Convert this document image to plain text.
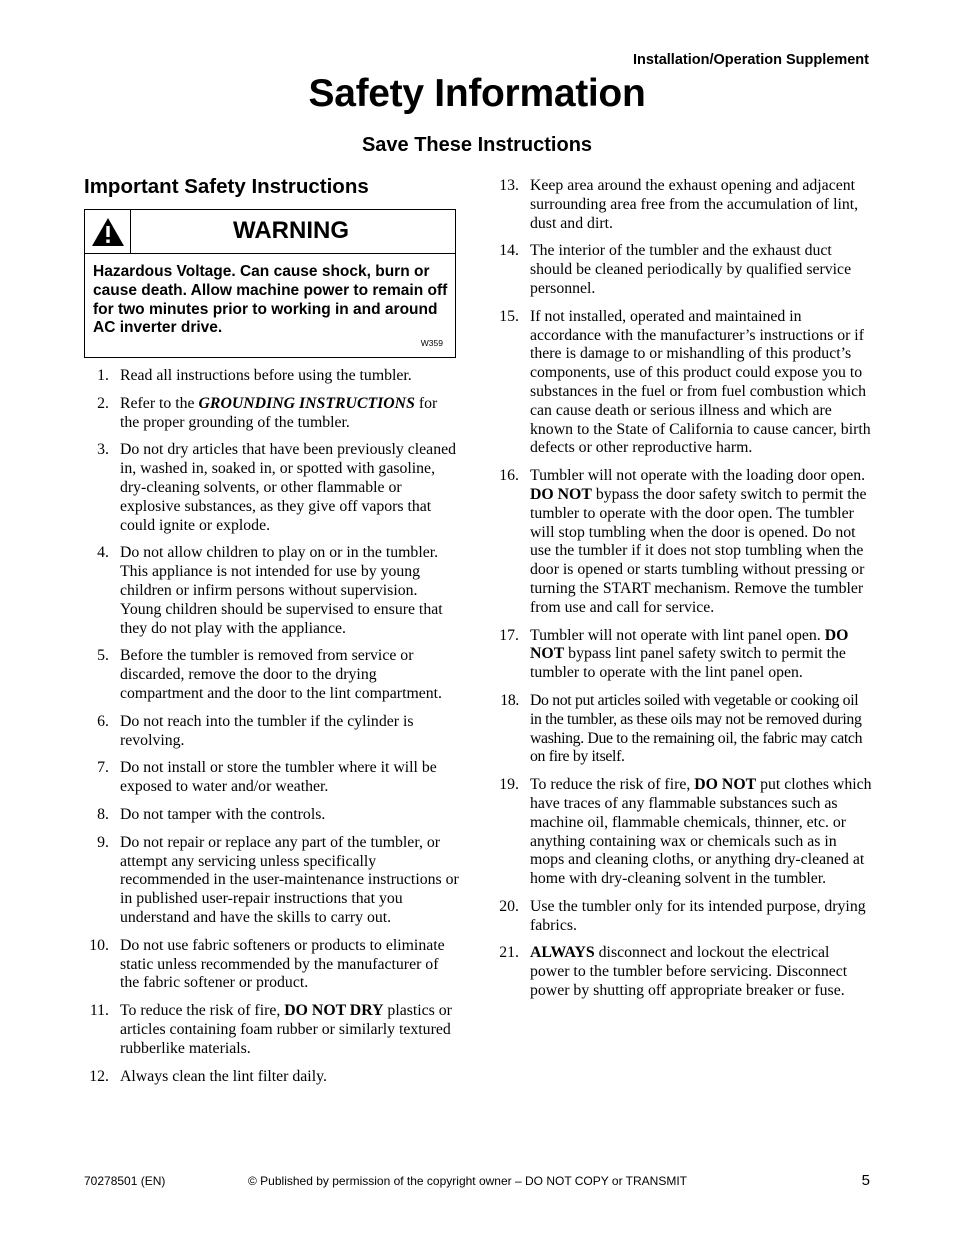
Installation/Operation Supplement
Safety Information
Save These Instructions
Important Safety Instructions
WARNING
Hazardous Voltage. Can cause shock, burn or cause death. Allow machine power to remain off for two minutes prior to working in and around AC inverter drive.
W359
1. Read all instructions before using the tumbler.
2. Refer to the GROUNDING INSTRUCTIONS for the proper grounding of the tumbler.
3. Do not dry articles that have been previously cleaned in, washed in, soaked in, or spotted with gasoline, dry-cleaning solvents, or other flammable or explosive substances, as they give off vapors that could ignite or explode.
4. Do not allow children to play on or in the tumbler. This appliance is not intended for use by young children or infirm persons without supervision. Young children should be supervised to ensure that they do not play with the appliance.
5. Before the tumbler is removed from service or discarded, remove the door to the drying compartment and the door to the lint compartment.
6. Do not reach into the tumbler if the cylinder is revolving.
7. Do not install or store the tumbler where it will be exposed to water and/or weather.
8. Do not tamper with the controls.
9. Do not repair or replace any part of the tumbler, or attempt any servicing unless specifically recommended in the user-maintenance instructions or in published user-repair instructions that you understand and have the skills to carry out.
10. Do not use fabric softeners or products to eliminate static unless recommended by the manufacturer of the fabric softener or product.
11. To reduce the risk of fire, DO NOT DRY plastics or articles containing foam rubber or similarly textured rubberlike materials.
12. Always clean the lint filter daily.
13. Keep area around the exhaust opening and adjacent surrounding area free from the accumulation of lint, dust and dirt.
14. The interior of the tumbler and the exhaust duct should be cleaned periodically by qualified service personnel.
15. If not installed, operated and maintained in accordance with the manufacturer’s instructions or if there is damage to or mishandling of this product’s components, use of this product could expose you to substances in the fuel or from fuel combustion which can cause death or serious illness and which are known to the State of California to cause cancer, birth defects or other reproductive harm.
16. Tumbler will not operate with the loading door open. DO NOT bypass the door safety switch to permit the tumbler to operate with the door open. The tumbler will stop tumbling when the door is opened. Do not use the tumbler if it does not stop tumbling when the door is opened or starts tumbling without pressing or turning the START mechanism. Remove the tumbler from use and call for service.
17. Tumbler will not operate with lint panel open. DO NOT bypass lint panel safety switch to permit the tumbler to operate with the lint panel open.
18. Do not put articles soiled with vegetable or cooking oil in the tumbler, as these oils may not be removed during washing. Due to the remaining oil, the fabric may catch on fire by itself.
19. To reduce the risk of fire, DO NOT put clothes which have traces of any flammable substances such as machine oil, flammable chemicals, thinner, etc. or anything containing wax or chemicals such as in mops and cleaning cloths, or anything dry-cleaned at home with dry-cleaning solvent in the tumbler.
20. Use the tumbler only for its intended purpose, drying fabrics.
21. ALWAYS disconnect and lockout the electrical power to the tumbler before servicing. Disconnect power by shutting off appropriate breaker or fuse.
70278501 (EN)	© Published by permission of the copyright owner – DO NOT COPY or TRANSMIT	5
